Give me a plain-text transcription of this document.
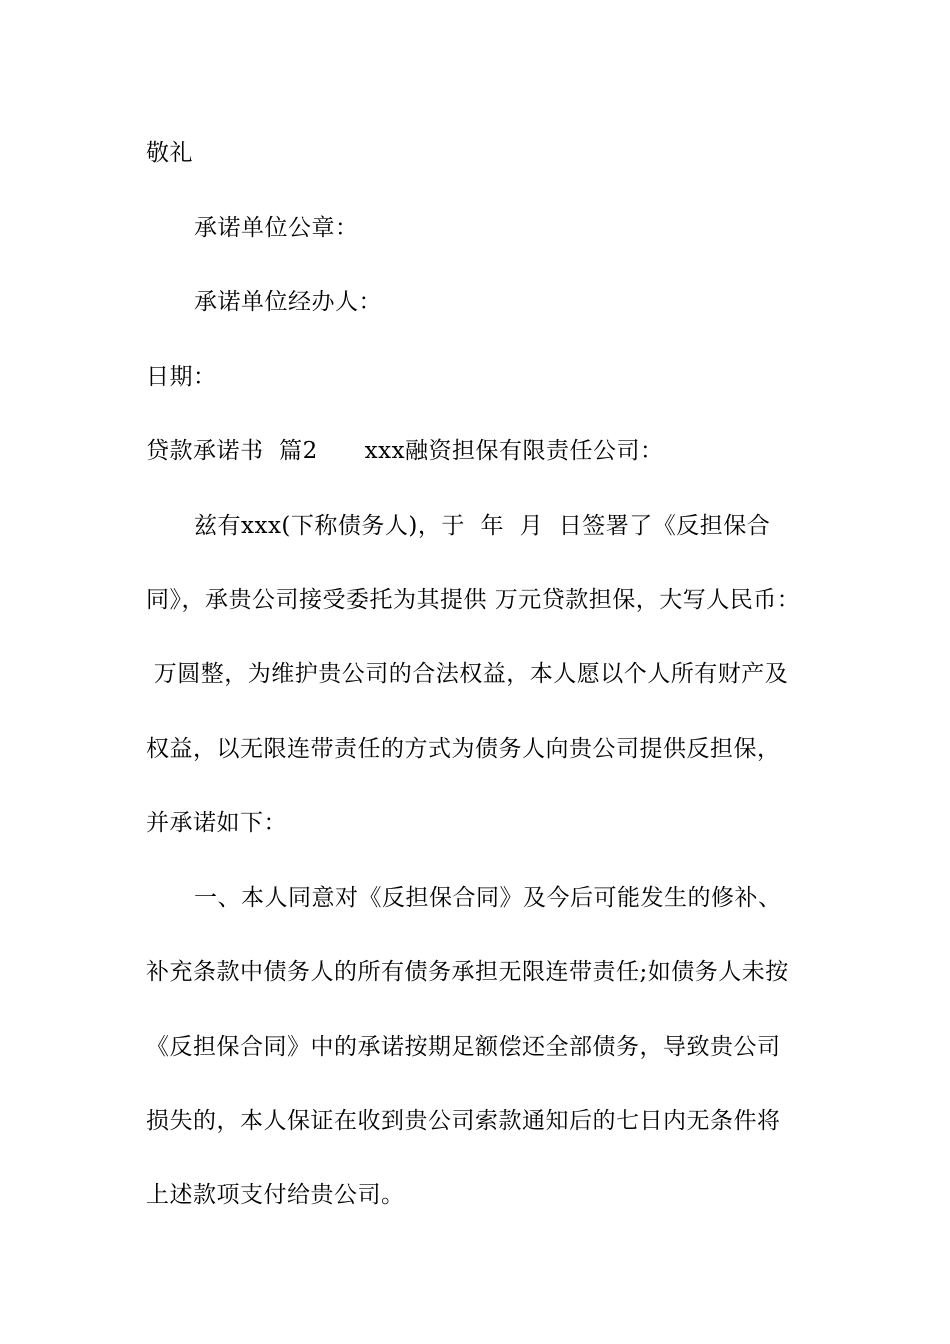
敬礼
承诺单位公章：
承诺单位经办人：
日期：
贷款承诺书  篇2      xxx融资担保有限责任公司：
兹有xxx(下称债务人)，于  年  月  日签署了《反担保合
同》，承贵公司接受委托为其提供 万元贷款担保，大写人民币：
万圆整，为维护贵公司的合法权益，本人愿以个人所有财产及
权益，以无限连带责任的方式为债务人向贵公司提供反担保，
并承诺如下：
一、本人同意对《反担保合同》及今后可能发生的修补、
补充条款中债务人的所有债务承担无限连带责任;如债务人未按
《反担保合同》中的承诺按期足额偿还全部债务，导致贵公司
损失的，本人保证在收到贵公司索款通知后的七日内无条件将
上述款项支付给贵公司。
